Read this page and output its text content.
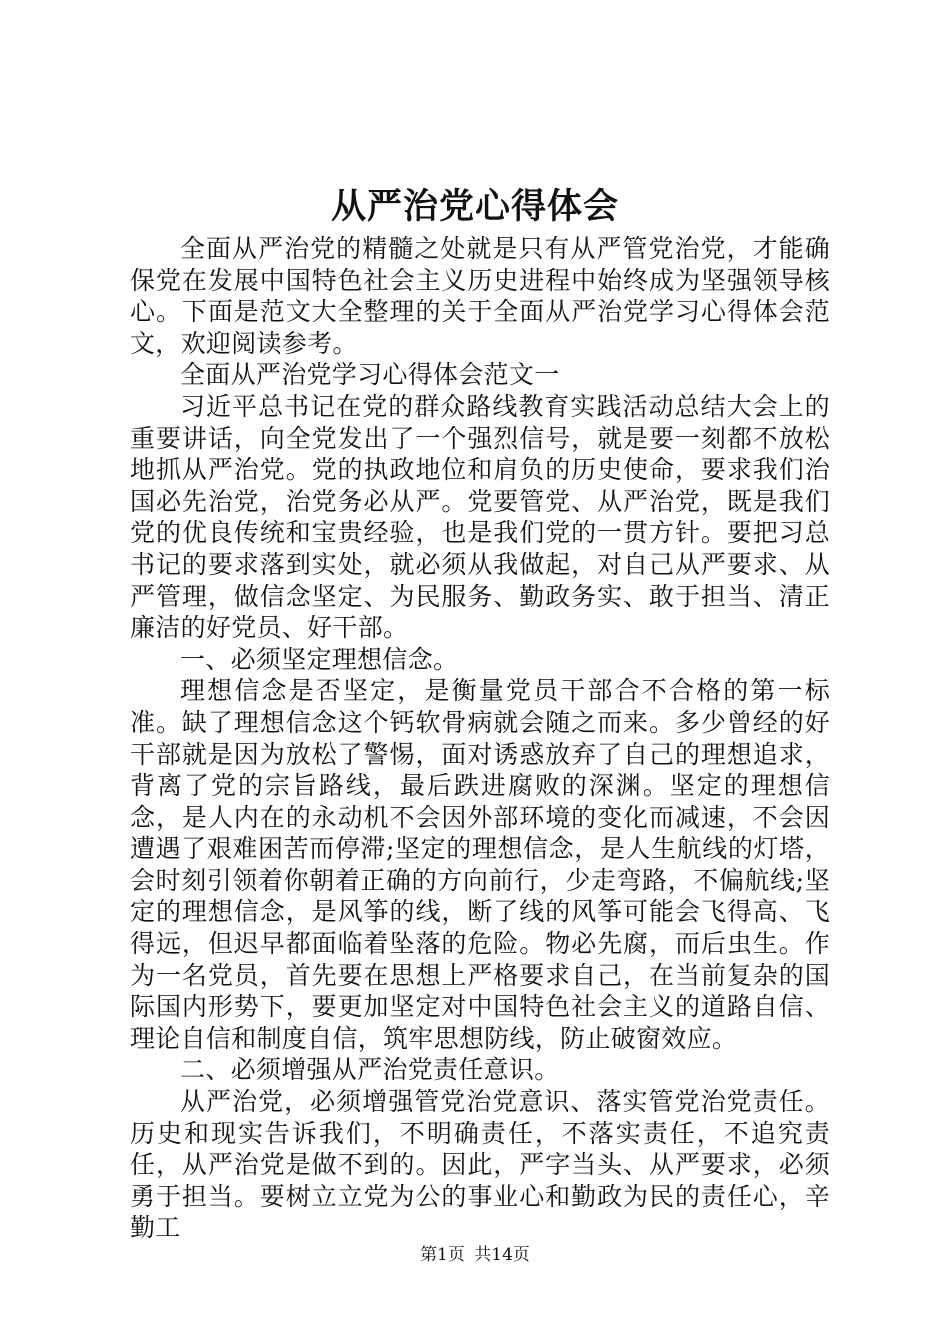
从严治党心得体会

全面从严治党的精髓之处就是只有从严管党治党，才能确保党在发展中国特色社会主义历史进程中始终成为坚强领导核心。下面是范文大全整理的关于全面从严治党学习心得体会范文，欢迎阅读参考。

全面从严治党学习心得体会范文一

习近平总书记在党的群众路线教育实践活动总结大会上的重要讲话，向全党发出了一个强烈信号，就是要一刻都不放松地抓从严治党。党的执政地位和肩负的历史使命，要求我们治国必先治党，治党务必从严。党要管党、从严治党，既是我们党的优良传统和宝贵经验，也是我们党的一贯方针。要把习总书记的要求落到实处，就必须从我做起，对自己从严要求、从严管理，做信念坚定、为民服务、勤政务实、敢于担当、清正廉洁的好党员、好干部。

一、必须坚定理想信念。

理想信念是否坚定，是衡量党员干部合不合格的第一标准。缺了理想信念这个钙软骨病就会随之而来。多少曾经的好干部就是因为放松了警惕，面对诱惑放弃了自己的理想追求，背离了党的宗旨路线，最后跌进腐败的深渊。坚定的理想信念，是人内在的永动机不会因外部环境的变化而减速，不会因遭遇了艰难困苦而停滞;坚定的理想信念，是人生航线的灯塔，会时刻引领着你朝着正确的方向前行，少走弯路，不偏航线;坚定的理想信念，是风筝的线，断了线的风筝可能会飞得高、飞得远，但迟早都面临着坠落的危险。物必先腐，而后虫生。作为一名党员，首先要在思想上严格要求自己，在当前复杂的国际国内形势下，要更加坚定对中国特色社会主义的道路自信、理论自信和制度自信，筑牢思想防线，防止破窗效应。

二、必须增强从严治党责任意识。

从严治党，必须增强管党治党意识、落实管党治党责任。历史和现实告诉我们，不明确责任，不落实责任，不追究责任，从严治党是做不到的。因此，严字当头、从严要求，必须勇于担当。要树立立党为公的事业心和勤政为民的责任心，辛勤工

第1页 共14页
